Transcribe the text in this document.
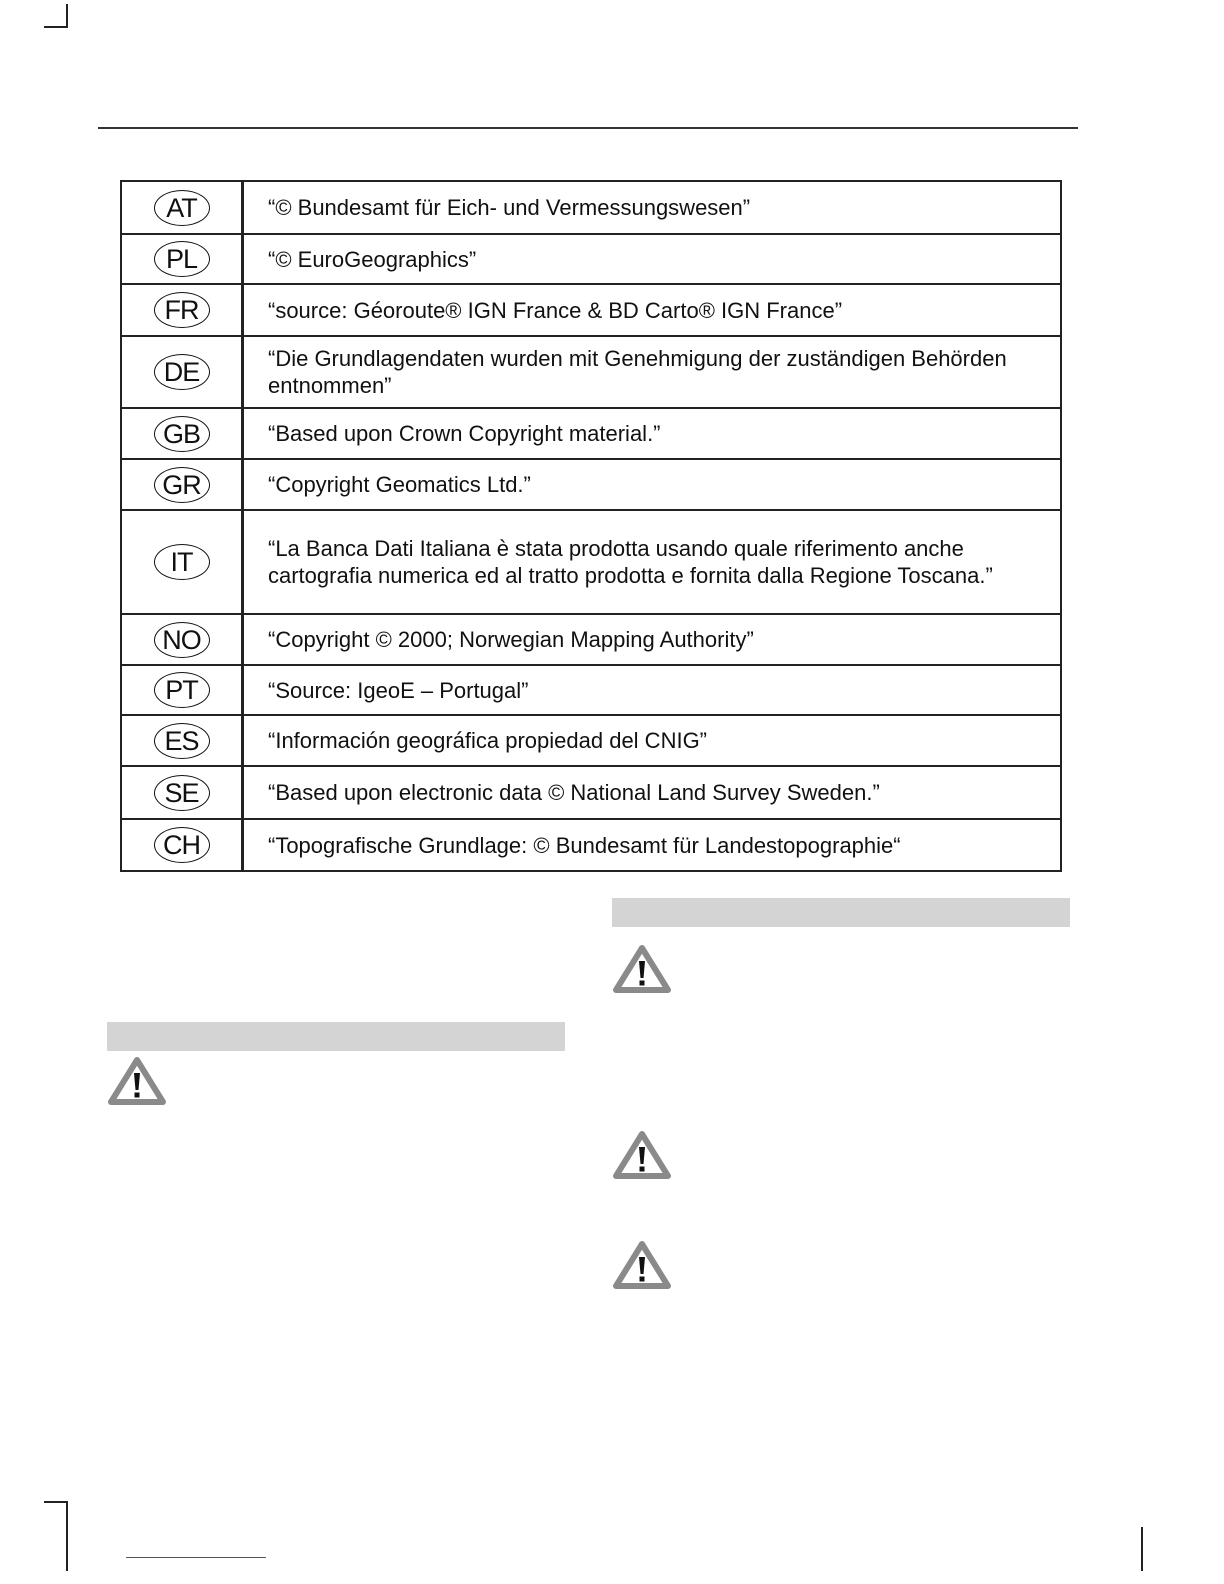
AT	“© Bundesamt für Eich- und Vermessungswesen”
PL	“© EuroGeographics”
FR	“source: Géoroute® IGN France & BD Carto® IGN France”
DE	“Die Grundlagendaten wurden mit Genehmigung der zuständigen Behörden entnommen”
GB	“Based upon Crown Copyright material.”
GR	“Copyright Geomatics Ltd.”
IT	“La Banca Dati Italiana è stata prodotta usando quale riferimento anche cartografia numerica ed al tratto prodotta e fornita dalla Regione Toscana.”
NO	“Copyright © 2000; Norwegian Mapping Authority”
PT	“Source: IgeoE – Portugal”
ES	“Información geográfica propiedad del CNIG”
SE	“Based upon electronic data © National Land Survey Sweden.”
CH	“Topografische Grundlage: © Bundesamt für Landestopographie“
